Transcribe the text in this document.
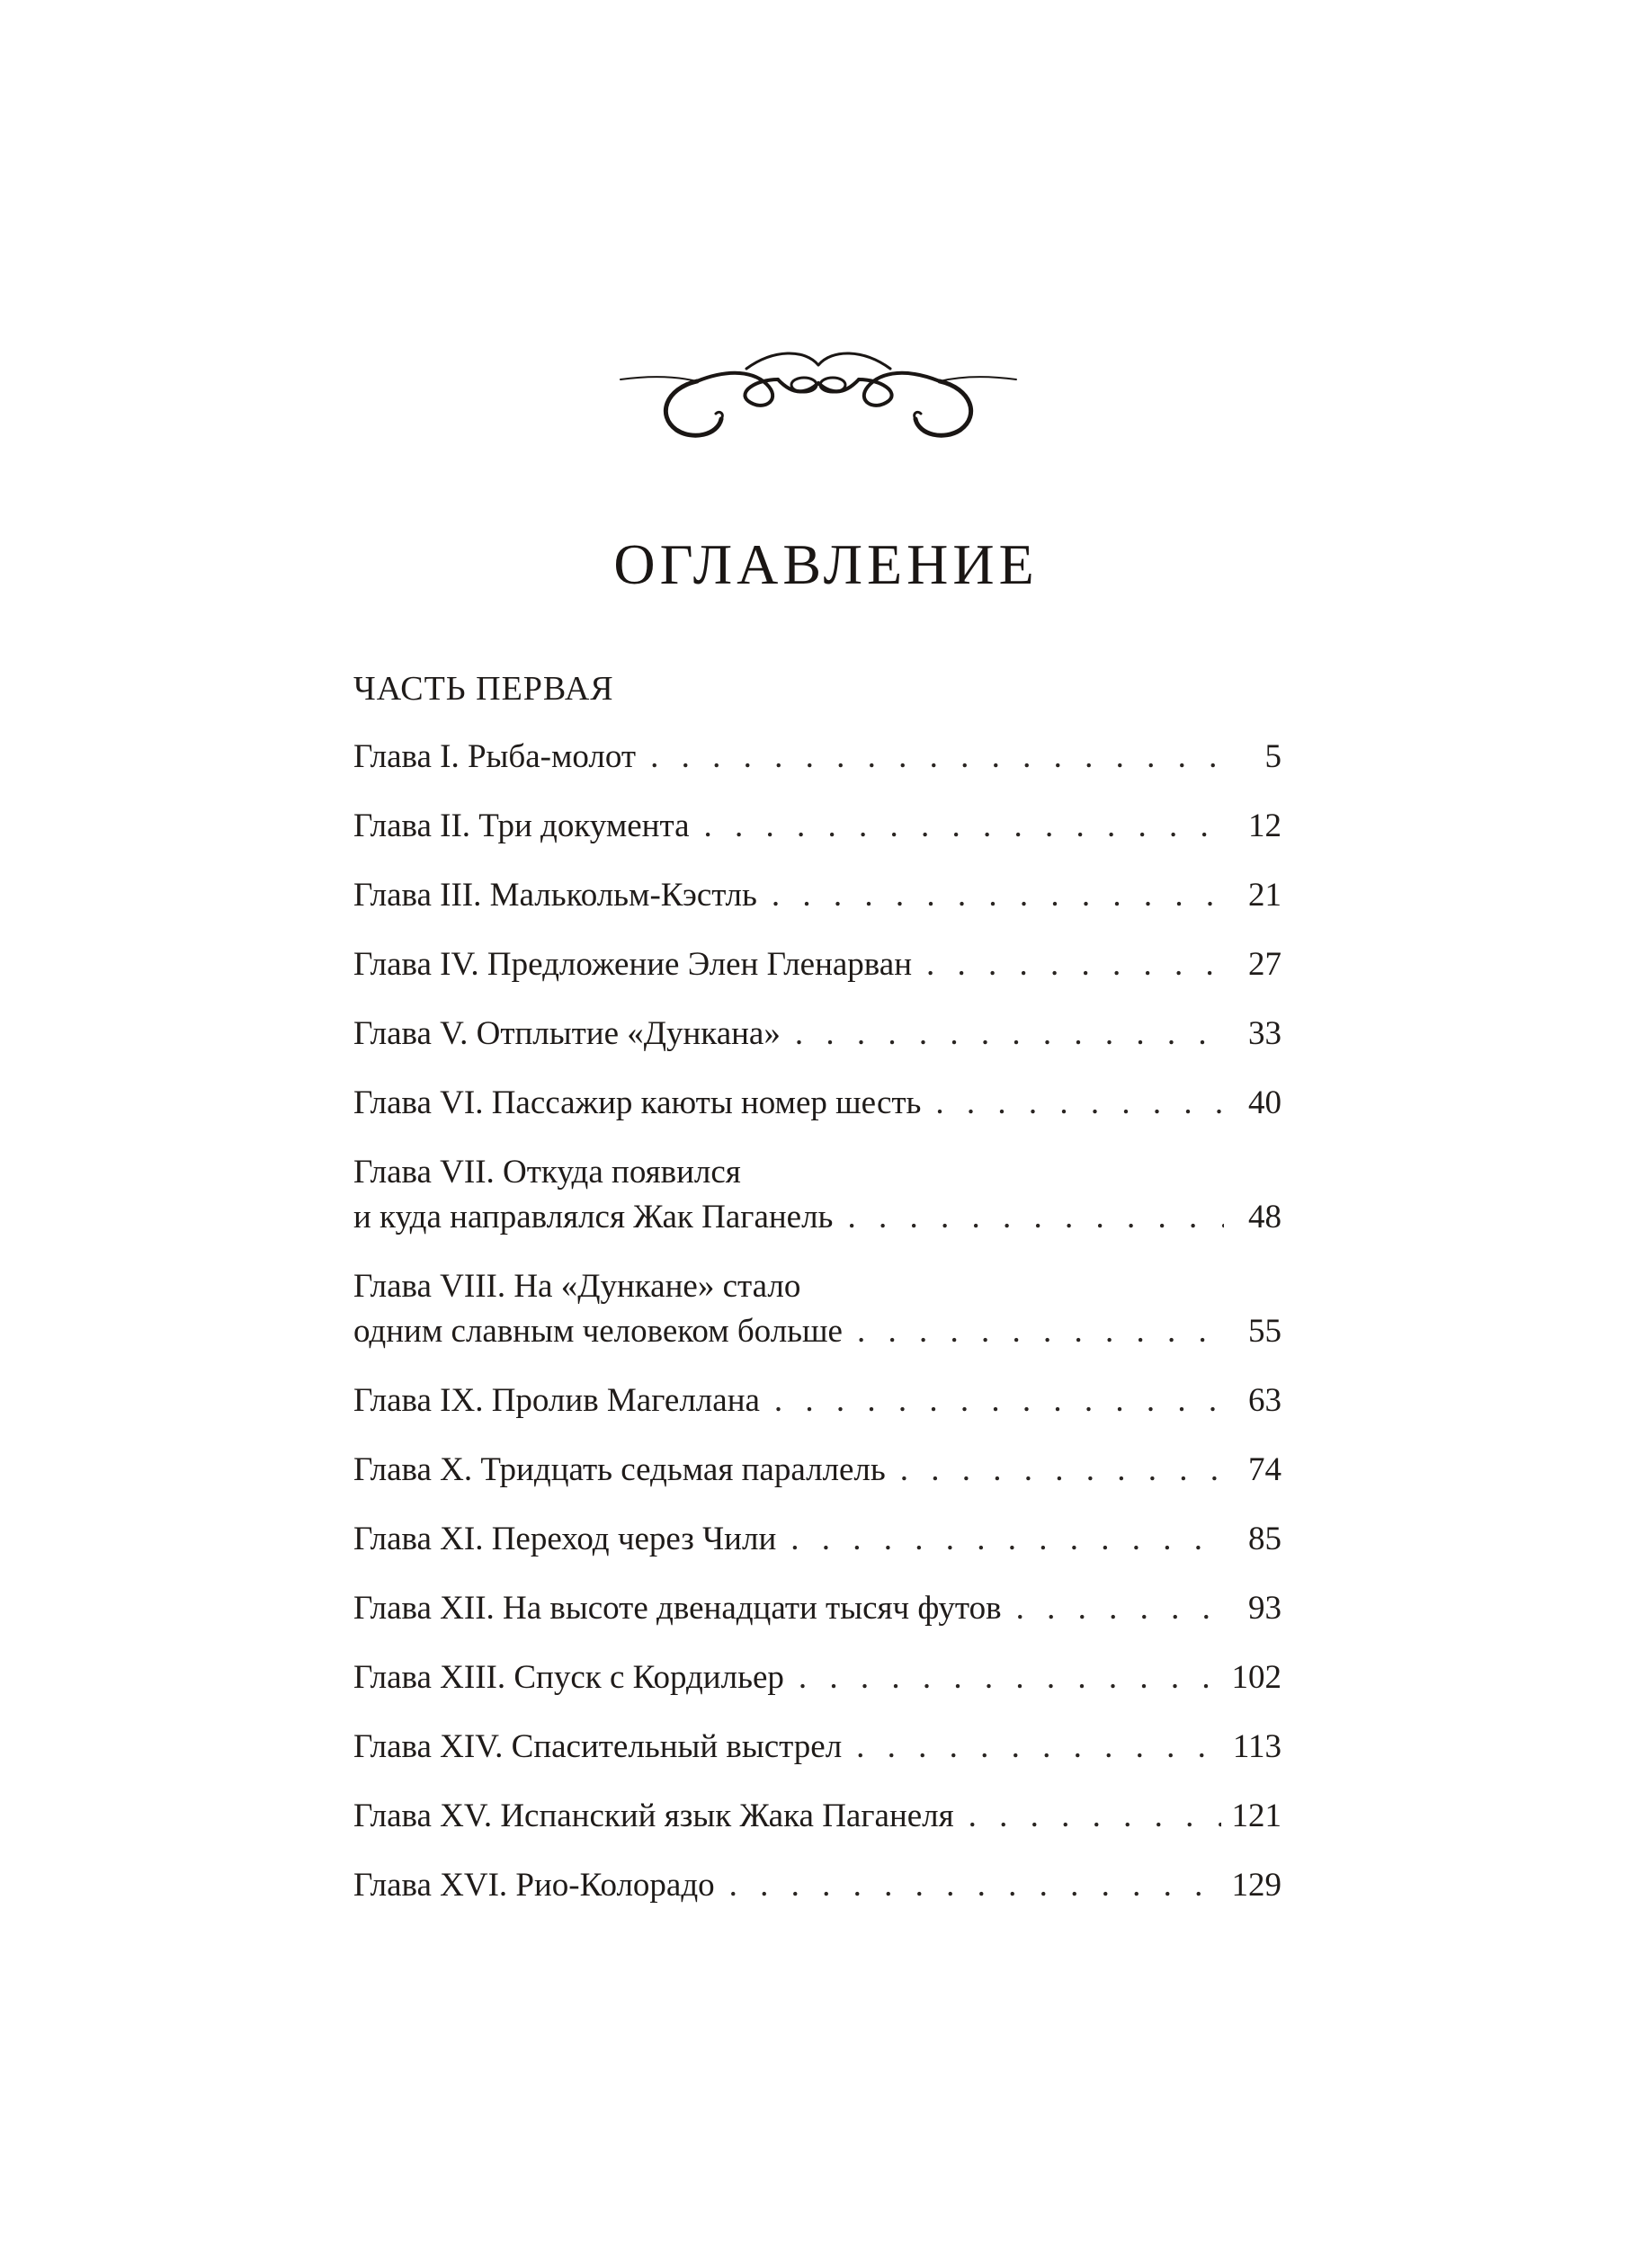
ОГЛАВЛЕНИЕ
ЧАСТЬ ПЕРВАЯ
Глава I. Рыба-молот . . .	5
Глава II. Три документа . . .	12
Глава III. Малькольм-Кэстль . . .	21
Глава IV. Предложение Элен Гленарван . . .	27
Глава V. Отплытие «Дункана» . . .	33
Глава VI. Пассажир каюты номер шесть . . .	40
Глава VII. Откуда появился
и куда направлялся Жак Паганель . . .	48
Глава VIII. На «Дункане» стало
одним славным человеком больше . . .	55
Глава IX. Пролив Магеллана . . .	63
Глава X. Тридцать седьмая параллель . . .	74
Глава XI. Переход через Чили . . .	85
Глава XII. На высоте двенадцати тысяч футов . . .	93
Глава XIII. Спуск с Кордильер . . .	102
Глава XIV. Спасительный выстрел . . .	113
Глава XV. Испанский язык Жака Паганеля . . .	121
Глава XVI. Рио-Колорадо . . .	129
